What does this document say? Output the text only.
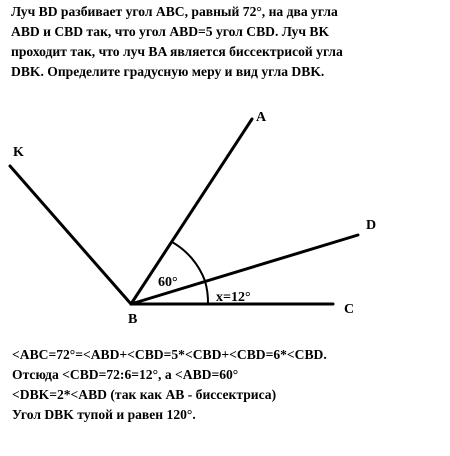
Луч BD разбивает угол ABC, равный 72°, на два угла
ABD и CBD так, что угол ABD=5 угол CBD. Луч BK
проходит так, что луч BA является биссектрисой угла
DBK. Определите градусную меру и вид угла DBK.
A
K
D
C
B
60°
x=12°
<ABC=72°=<ABD+<CBD=5*<CBD+<CBD=6*<CBD.
Отсюда <CBD=72:6=12°, а <ABD=60°
<DBK=2*<ABD (так как AB - биссектриса)
Угол DBK тупой и равен 120°.
